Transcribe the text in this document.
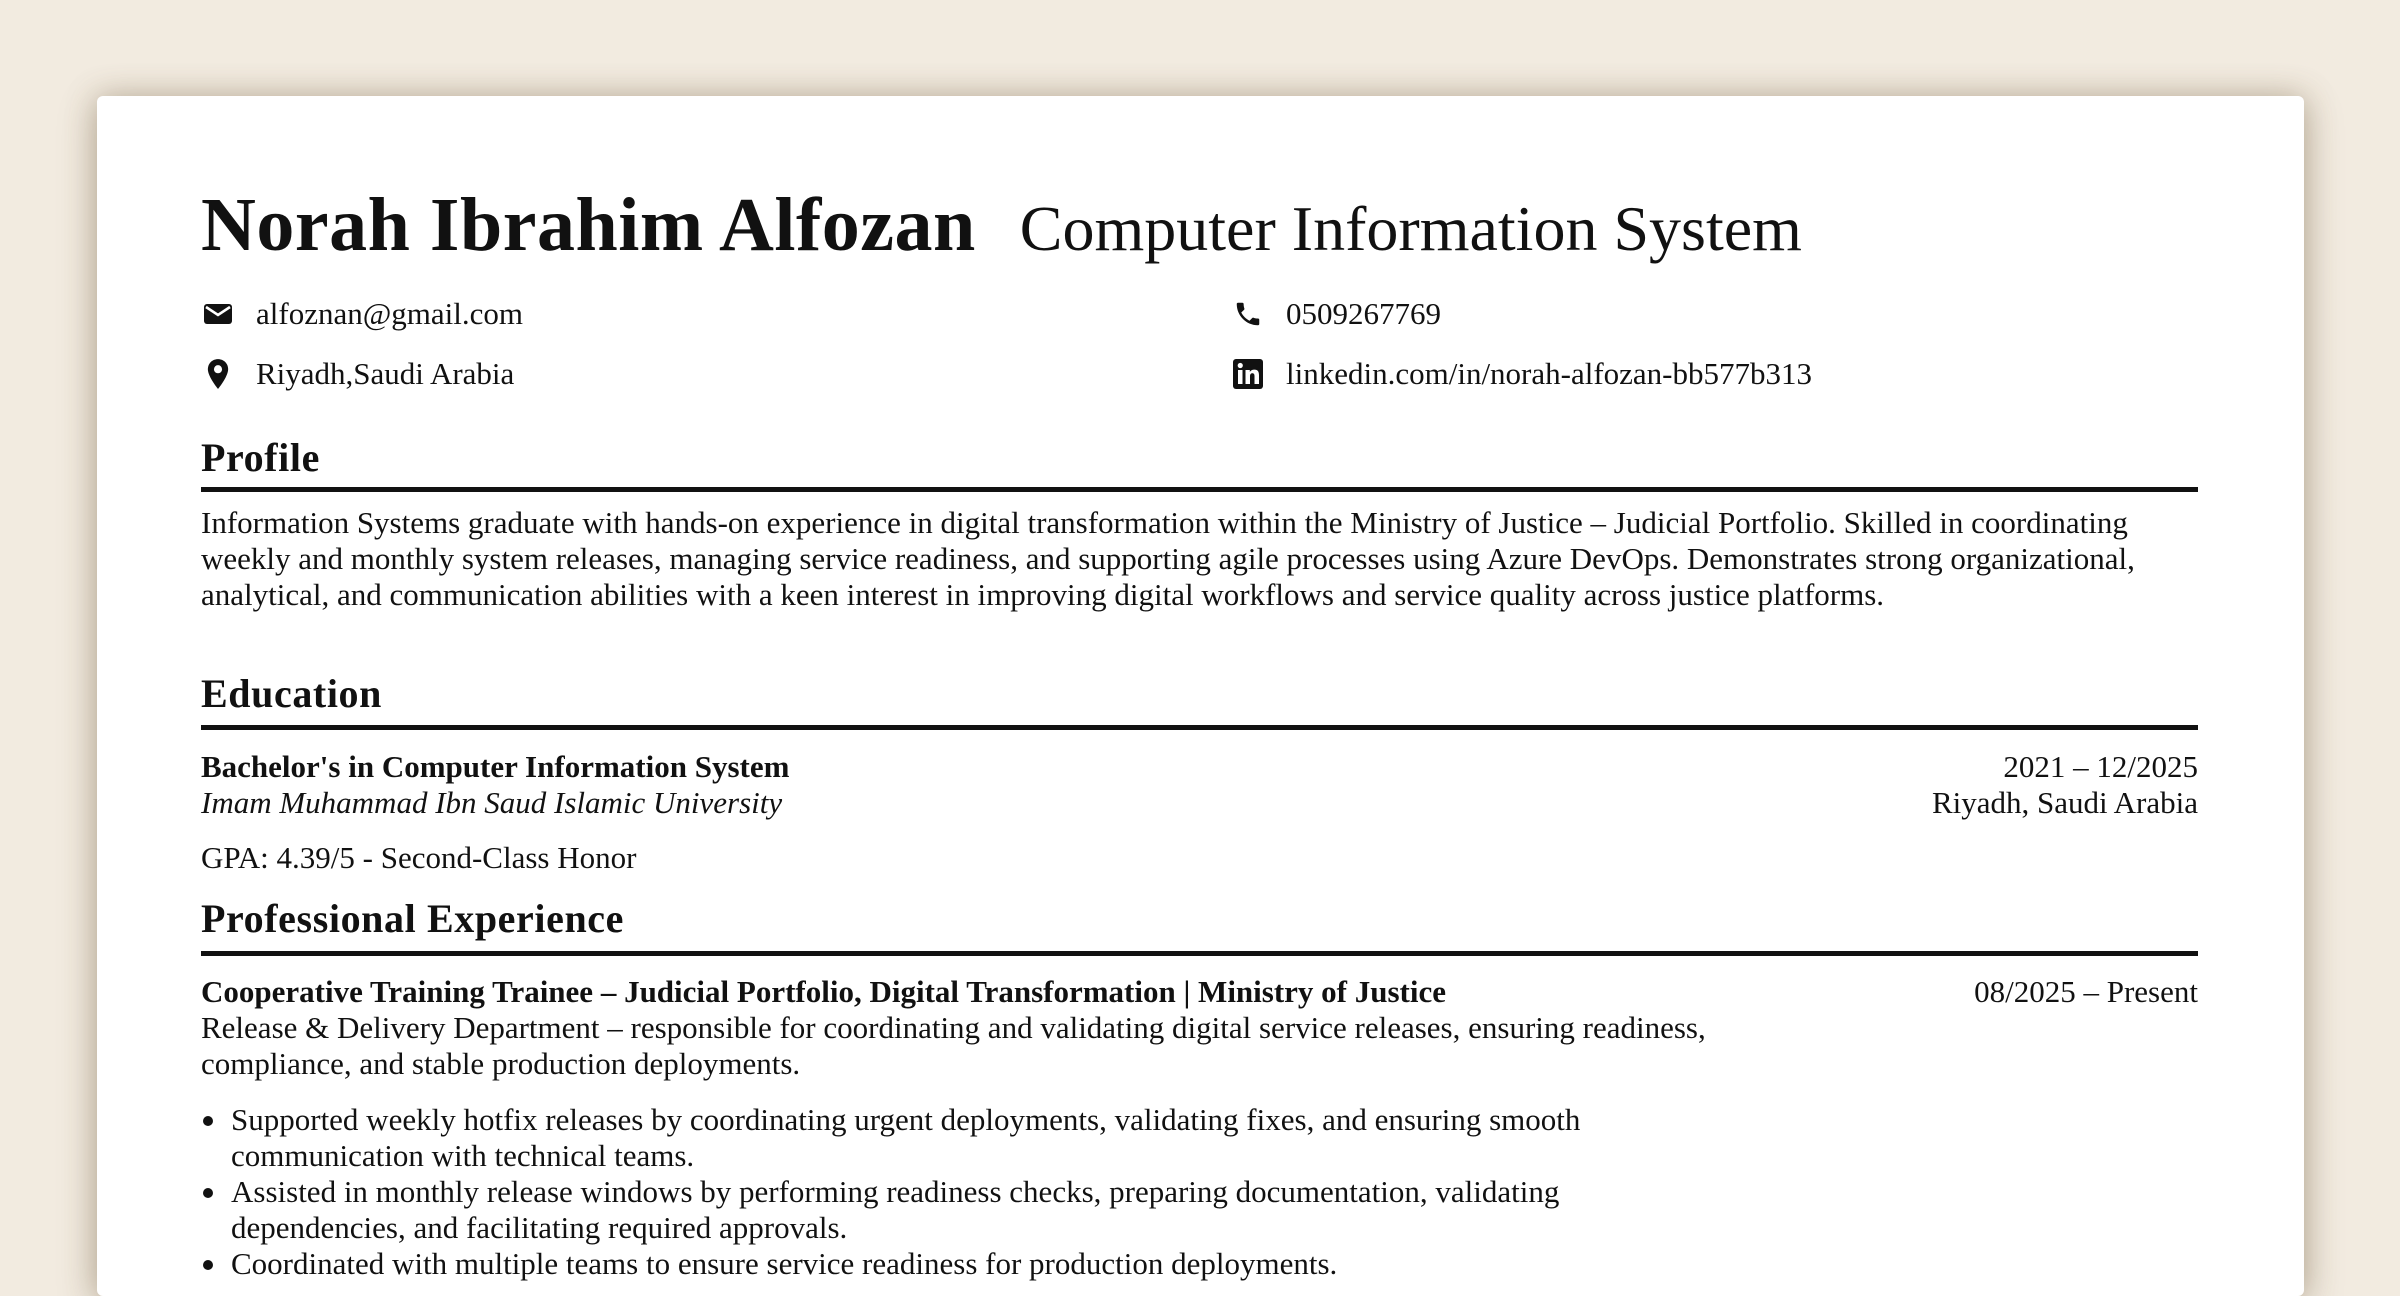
Norah Ibrahim Alfozan Computer Information System
alfoznan@gmail.com	0509267769
Riyadh,Saudi Arabia	linkedin.com/in/norah-alfozan-bb577b313
Profile
Information Systems graduate with hands-on experience in digital transformation within the Ministry of Justice – Judicial Portfolio. Skilled in coordinating weekly and monthly system releases, managing service readiness, and supporting agile processes using Azure DevOps. Demonstrates strong organizational, analytical, and communication abilities with a keen interest in improving digital workflows and service quality across justice platforms.
Education
Bachelor's in Computer Information System	2021 – 12/2025
Imam Muhammad Ibn Saud Islamic University	Riyadh, Saudi Arabia
GPA: 4.39/5 - Second-Class Honor
Professional Experience
Cooperative Training Trainee – Judicial Portfolio, Digital Transformation | Ministry of Justice	08/2025 – Present
Release & Delivery Department – responsible for coordinating and validating digital service releases, ensuring readiness, compliance, and stable production deployments.
Supported weekly hotfix releases by coordinating urgent deployments, validating fixes, and ensuring smooth communication with technical teams.
Assisted in monthly release windows by performing readiness checks, preparing documentation, validating dependencies, and facilitating required approvals.
Coordinated with multiple teams to ensure service readiness for production deployments.
